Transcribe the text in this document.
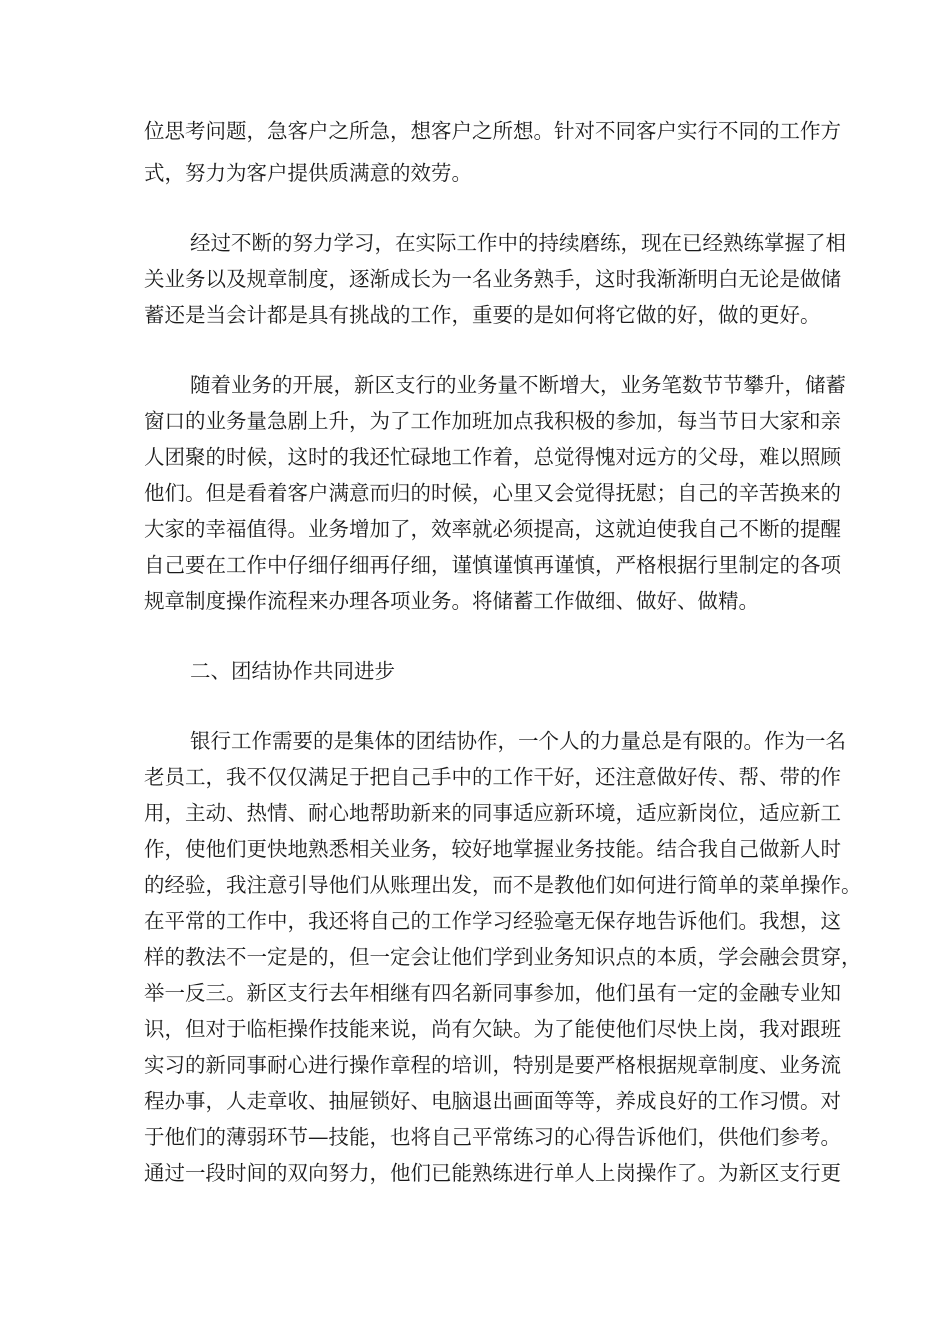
位思考问题，急客户之所急，想客户之所想。针对不同客户实行不同的工作方

式，努力为客户提供质满意的效劳。

经过不断的努力学习，在实际工作中的持续磨练，现在已经熟练掌握了相

关业务以及规章制度，逐渐成长为一名业务熟手，这时我渐渐明白无论是做储

蓄还是当会计都是具有挑战的工作，重要的是如何将它做的好，做的更好。

随着业务的开展，新区支行的业务量不断增大，业务笔数节节攀升，储蓄

窗口的业务量急剧上升，为了工作加班加点我积极的参加，每当节日大家和亲

人团聚的时候，这时的我还忙碌地工作着，总觉得愧对远方的父母，难以照顾

他们。但是看着客户满意而归的时候，心里又会觉得抚慰；自己的辛苦换来的

大家的幸福值得。业务增加了，效率就必须提高，这就迫使我自己不断的提醒

自己要在工作中仔细仔细再仔细，谨慎谨慎再谨慎，严格根据行里制定的各项

规章制度操作流程来办理各项业务。将储蓄工作做细、做好、做精。

二、团结协作共同进步

银行工作需要的是集体的团结协作，一个人的力量总是有限的。作为一名

老员工，我不仅仅满足于把自己手中的工作干好，还注意做好传、帮、带的作

用，主动、热情、耐心地帮助新来的同事适应新环境，适应新岗位，适应新工

作，使他们更快地熟悉相关业务，较好地掌握业务技能。结合我自己做新人时

的经验，我注意引导他们从账理出发，而不是教他们如何进行简单的菜单操作。

在平常的工作中，我还将自己的工作学习经验毫无保存地告诉他们。我想，这

样的教法不一定是的，但一定会让他们学到业务知识点的本质，学会融会贯穿，

举一反三。新区支行去年相继有四名新同事参加，他们虽有一定的金融专业知

识，但对于临柜操作技能来说，尚有欠缺。为了能使他们尽快上岗，我对跟班

实习的新同事耐心进行操作章程的培训，特别是要严格根据规章制度、业务流

程办事，人走章收、抽屉锁好、电脑退出画面等等，养成良好的工作习惯。对

于他们的薄弱环节—技能，也将自己平常练习的心得告诉他们，供他们参考。

通过一段时间的双向努力，他们已能熟练进行单人上岗操作了。为新区支行更
